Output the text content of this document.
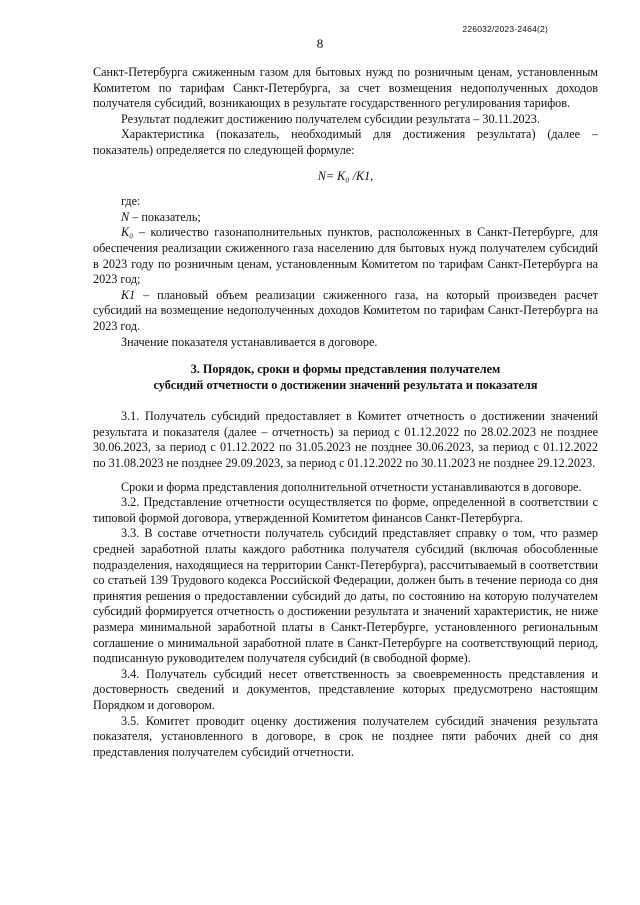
226032/2023-2464(2)
8

Санкт-Петербурга сжиженным газом для бытовых нужд по розничным ценам, установленным Комитетом по тарифам Санкт-Петербурга, за счет возмещения недополученных доходов получателя субсидий, возникающих в результате государственного регулирования тарифов.

Результат подлежит достижению получателем субсидии результата – 30.11.2023.

Характеристика (показатель, необходимый для достижения результата) (далее – показатель) определяется по следующей формуле:

N= K₀ /K1,

где:

N – показатель;

K₀ – количество газонаполнительных пунктов, расположенных в Санкт-Петербурге, для обеспечения реализации сжиженного газа населению для бытовых нужд получателем субсидий в 2023 году по розничным ценам, установленным Комитетом по тарифам Санкт-Петербурга на 2023 год;

K1 – плановый объем реализации сжиженного газа, на который произведен расчет субсидий на возмещение недополученных доходов Комитетом по тарифам Санкт-Петербурга на 2023 год.

Значение показателя устанавливается в договоре.

3. Порядок, сроки и формы представления получателем
субсидий отчетности о достижении значений результата и показателя

3.1. Получатель субсидий предоставляет в Комитет отчетность о достижении значений результата и показателя (далее – отчетность) за период с 01.12.2022 по 28.02.2023 не позднее 30.06.2023, за период с 01.12.2022 по 31.05.2023 не позднее 30.06.2023, за период с 01.12.2022 по 31.08.2023 не позднее 29.09.2023, за период с 01.12.2022 по 30.11.2023 не позднее 29.12.2023.

Сроки и форма представления дополнительной отчетности устанавливаются в договоре.

3.2. Представление отчетности осуществляется по форме, определенной в соответствии с типовой формой договора, утвержденной Комитетом финансов Санкт-Петербурга.

3.3. В составе отчетности получатель субсидий представляет справку о том, что размер средней заработной платы каждого работника получателя субсидий (включая обособленные подразделения, находящиеся на территории Санкт-Петербурга), рассчитываемый в соответствии со статьей 139 Трудового кодекса Российской Федерации, должен быть в течение периода со дня принятия решения о предоставлении субсидий до даты, по состоянию на которую получателем субсидий формируется отчетность о достижении результата и значений характеристик, не ниже размера минимальной заработной платы в Санкт-Петербурге, установленного региональным соглашение о минимальной заработной плате в Санкт-Петербурге на соответствующий период, подписанную руководителем получателя субсидий (в свободной форме).

3.4. Получатель субсидий несет ответственность за своевременность представления и достоверность сведений и документов, представление которых предусмотрено настоящим Порядком и договором.

3.5. Комитет проводит оценку достижения получателем субсидий значения результата показателя, установленного в договоре, в срок не позднее пяти рабочих дней со дня представления получателем субсидий отчетности.
